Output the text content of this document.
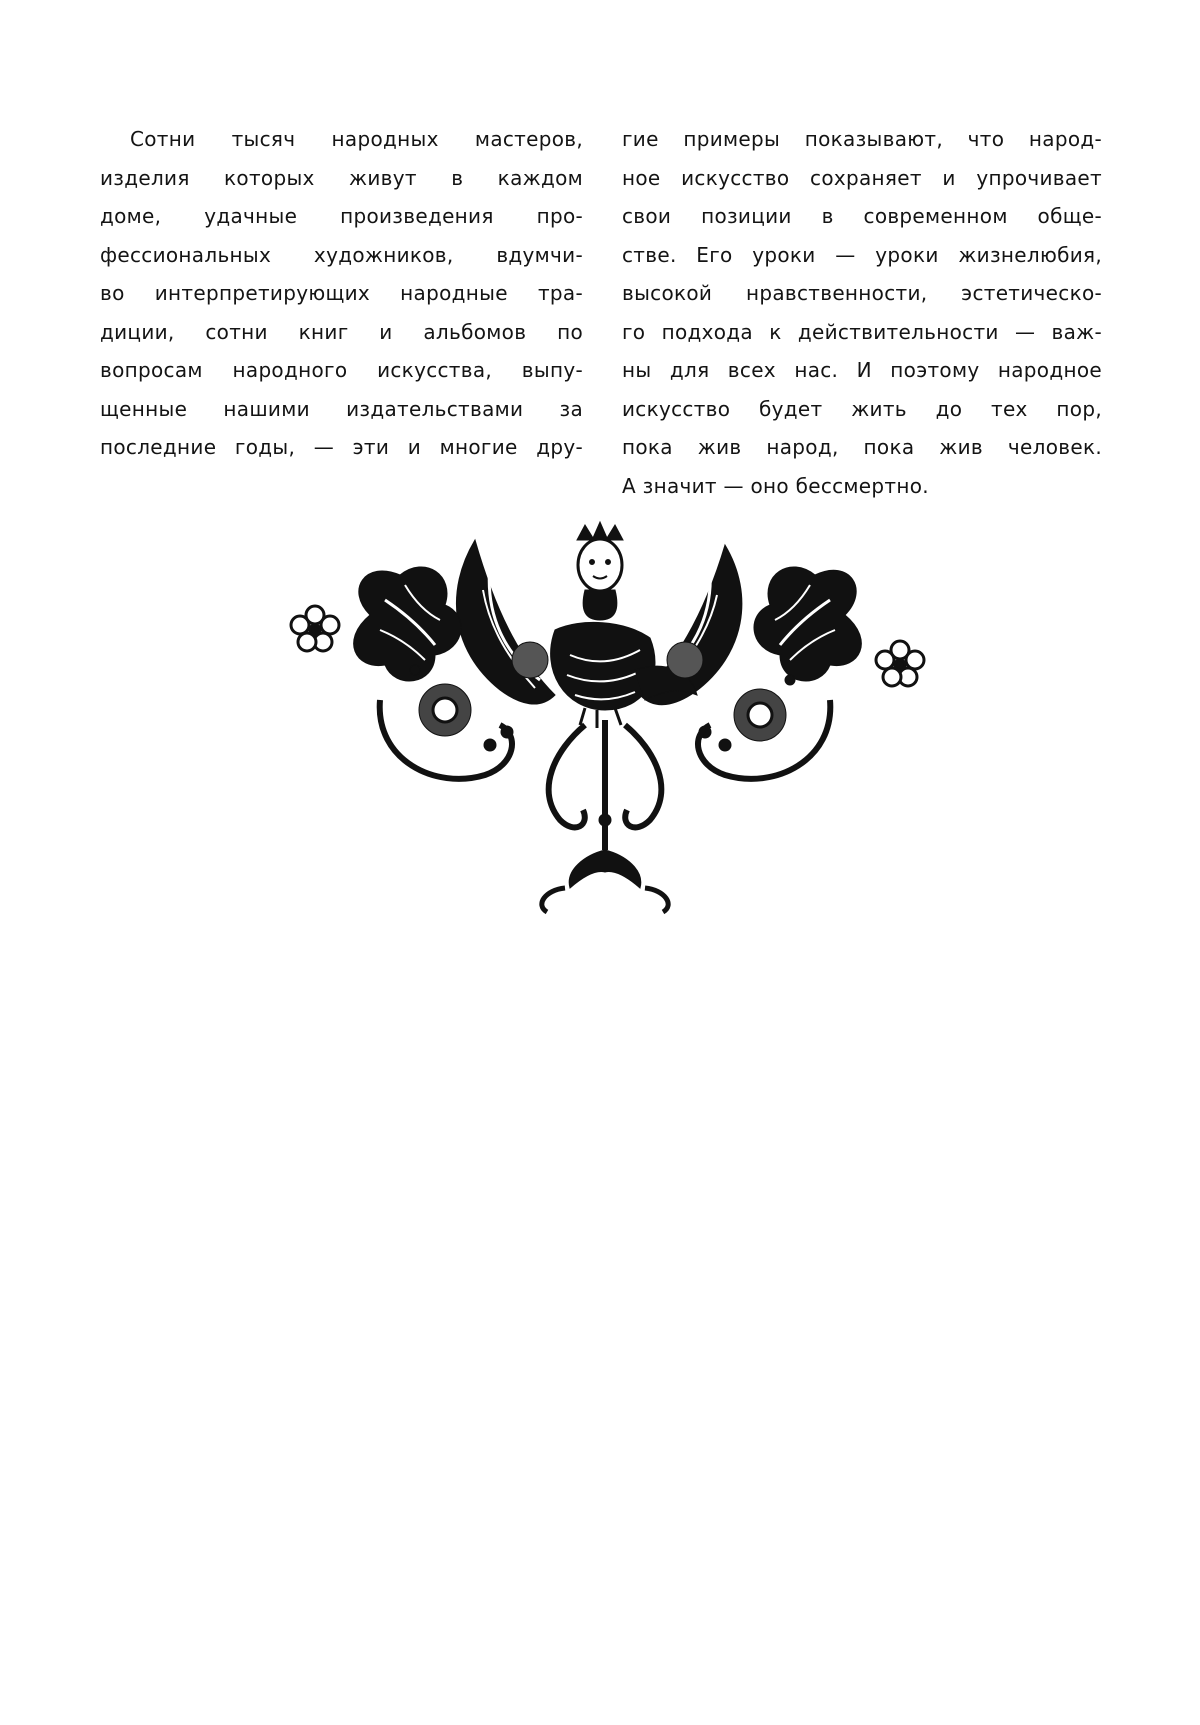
Сотни тысяч народных мастеров,
изделия которых живут в каждом
доме, удачные произведения про-
фессиональных художников, вдумчи-
во интерпретирующих народные тра-
диции, сотни книг и альбомов по
вопросам народного искусства, выпу-
щенные нашими издательствами за
последние годы, — эти и многие дру-
гие примеры показывают, что народ-
ное искусство сохраняет и упрочивает
свои позиции в современном обще-
стве. Его уроки — уроки жизнелюбия,
высокой нравственности, эстетическо-
го подхода к действительности — важ-
ны для всех нас. И поэтому народное
искусство будет жить до тех пор,
пока жив народ, пока жив человек.
А значит — оно бессмертно.
